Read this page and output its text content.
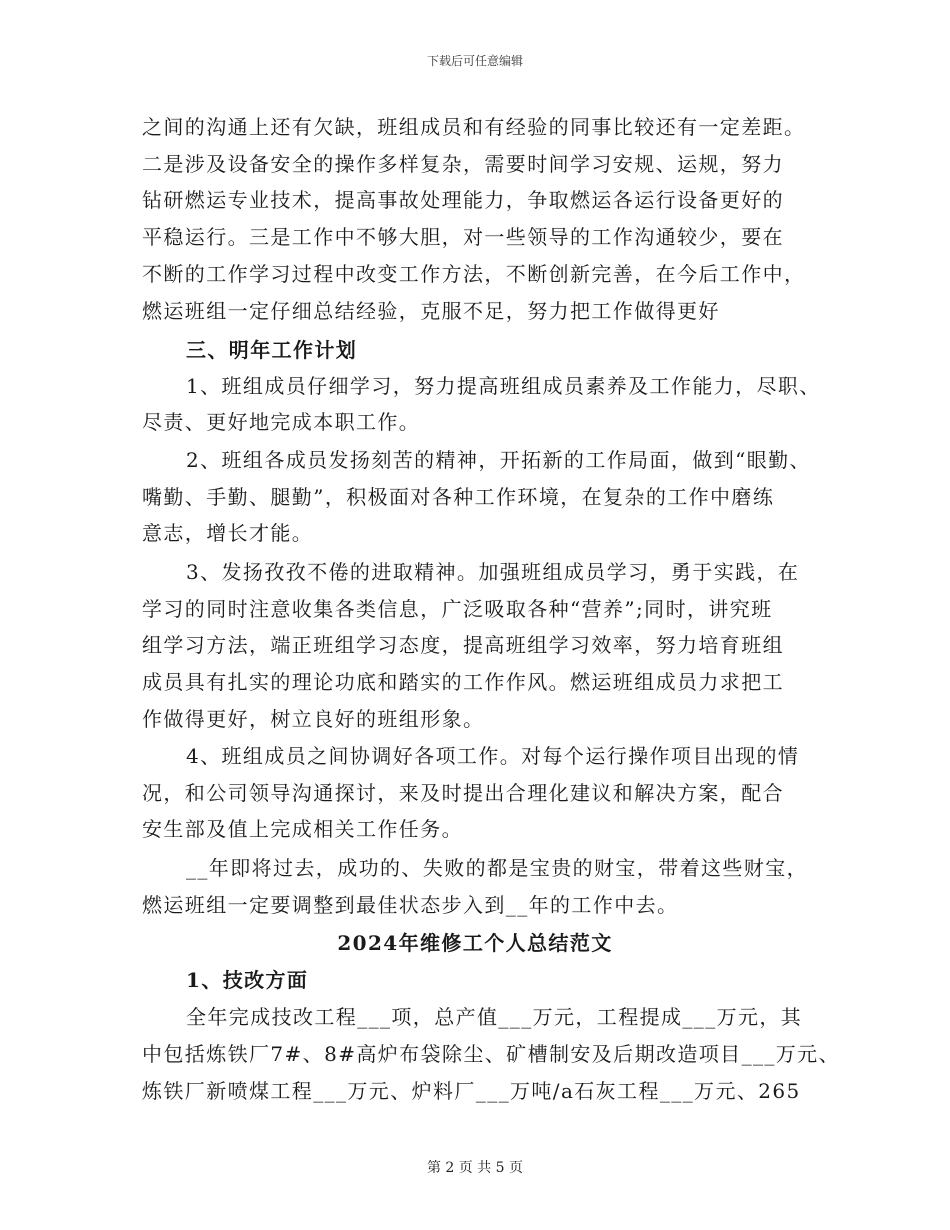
下载后可任意编辑
之间的沟通上还有欠缺，班组成员和有经验的同事比较还有一定差距。
二是涉及设备安全的操作多样复杂，需要时间学习安规、运规，努力
钻研燃运专业技术，提高事故处理能力，争取燃运各运行设备更好的
平稳运行。三是工作中不够大胆，对一些领导的工作沟通较少，要在
不断的工作学习过程中改变工作方法，不断创新完善，在今后工作中，
燃运班组一定仔细总结经验，克服不足，努力把工作做得更好
三、明年工作计划
1、班组成员仔细学习，努力提高班组成员素养及工作能力，尽职、
尽责、更好地完成本职工作。
2、班组各成员发扬刻苦的精神，开拓新的工作局面，做到“眼勤、
嘴勤、手勤、腿勤”，积极面对各种工作环境，在复杂的工作中磨练
意志，增长才能。
3、发扬孜孜不倦的进取精神。加强班组成员学习，勇于实践，在
学习的同时注意收集各类信息，广泛吸取各种“营养”;同时，讲究班
组学习方法，端正班组学习态度，提高班组学习效率，努力培育班组
成员具有扎实的理论功底和踏实的工作作风。燃运班组成员力求把工
作做得更好，树立良好的班组形象。
4、班组成员之间协调好各项工作。对每个运行操作项目出现的情
况，和公司领导沟通探讨，来及时提出合理化建议和解决方案，配合
安生部及值上完成相关工作任务。
__年即将过去，成功的、失败的都是宝贵的财宝，带着这些财宝，
燃运班组一定要调整到最佳状态步入到__年的工作中去。
2024年维修工个人总结范文
1、技改方面
全年完成技改工程___项，总产值___万元，工程提成___万元，其
中包括炼铁厂7#、8#高炉布袋除尘、矿槽制安及后期改造项目___万元、
炼铁厂新喷煤工程___万元、炉料厂___万吨/a石灰工程___万元、265
第 2 页 共 5 页
